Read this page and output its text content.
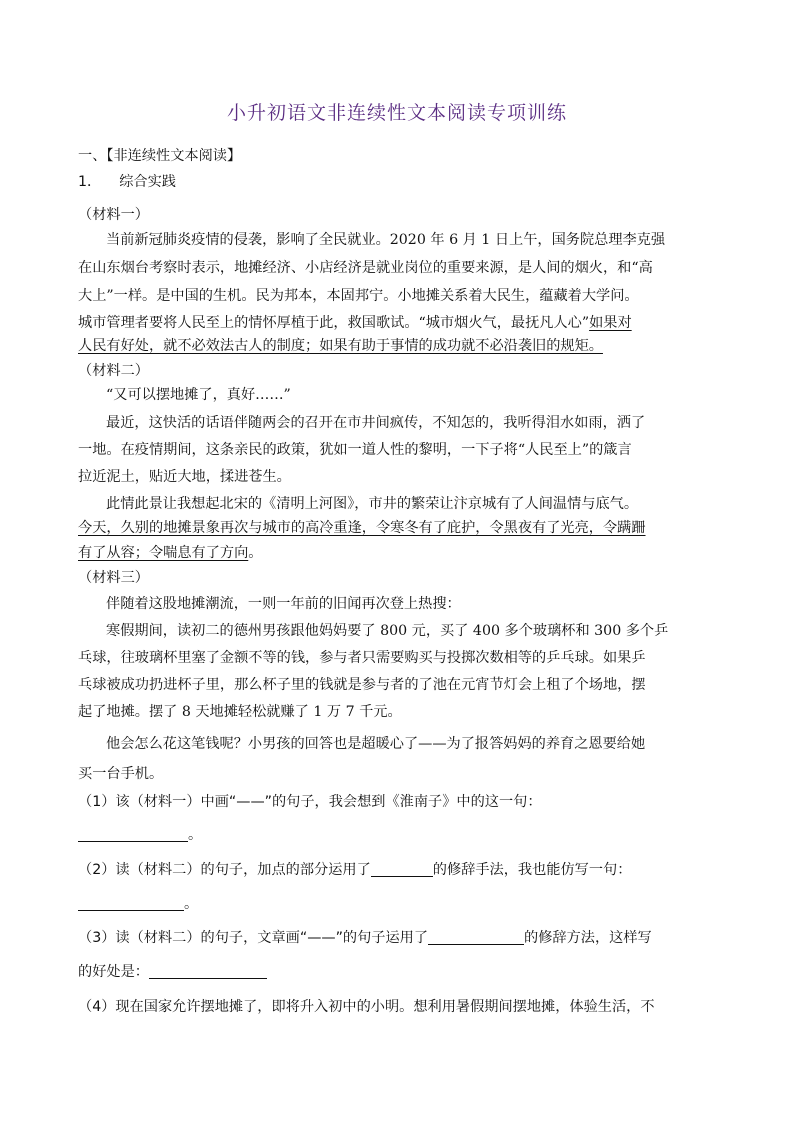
小升初语文非连续性文本阅读专项训练
一、【非连续性文本阅读】
1． 综合实践
（材料一）
当前新冠肺炎疫情的侵袭，影响了全民就业。2020 年 6 月 1 日上午，国务院总理李克强
在山东烟台考察时表示，地摊经济、小店经济是就业岗位的重要来源，是人间的烟火，和“高
大上”一样。是中国的生机。民为邦本，本固邦宁。小地摊关系着大民生，蕴藏着大学问。
城市管理者要将人民至上的情怀厚植于此，救国歌试。“城市烟火气，最抚凡人心”如果对
人民有好处，就不必效法古人的制度；如果有助于事情的成功就不必沿袭旧的规矩。
（材料二）
“又可以摆地摊了，真好……”
最近，这快活的话语伴随两会的召开在市井间疯传，不知怎的，我听得泪水如雨，洒了
一地。在疫情期间，这条亲民的政策，犹如一道人性的黎明，一下子将“人民至上”的箴言
拉近泥土，贴近大地，揉进苍生。
此情此景让我想起北宋的《清明上河图》，市井的繁荣让汴京城有了人间温情与底气。
今天，久别的地摊景象再次与城市的高冷重逢，令寒冬有了庇护，令黑夜有了光亮，令蹒跚
有了从容；令喘息有了方向。
（材料三）
伴随着这股地摊潮流，一则一年前的旧闻再次登上热搜：
寒假期间，读初二的德州男孩跟他妈妈要了 800 元，买了 400 多个玻璃杯和 300 多个乒
乓球，往玻璃杯里塞了金额不等的钱，参与者只需要购买与投掷次数相等的乒乓球。如果乒
乓球被成功扔进杯子里，那么杯子里的钱就是参与者的了池在元宵节灯会上租了个场地，摆
起了地摊。摆了 8 天地摊轻松就赚了 1 万 7 千元。
他会怎么花这笔钱呢？小男孩的回答也是超暖心了——为了报答妈妈的养育之恩要给她
买一台手机。
（1）该（材料一）中画“——”的句子，我会想到《淮南子》中的这一句：
。
（2）读（材料二）的句子，加点的部分运用了	的修辞手法，我也能仿写一句：
。
（3）读（材料二）的句子，文章画“——”的句子运用了	的修辞方法，这样写
的好处是：
（4）现在国家允许摆地摊了，即将升入初中的小明。想利用暑假期间摆地摊，体验生活，不
